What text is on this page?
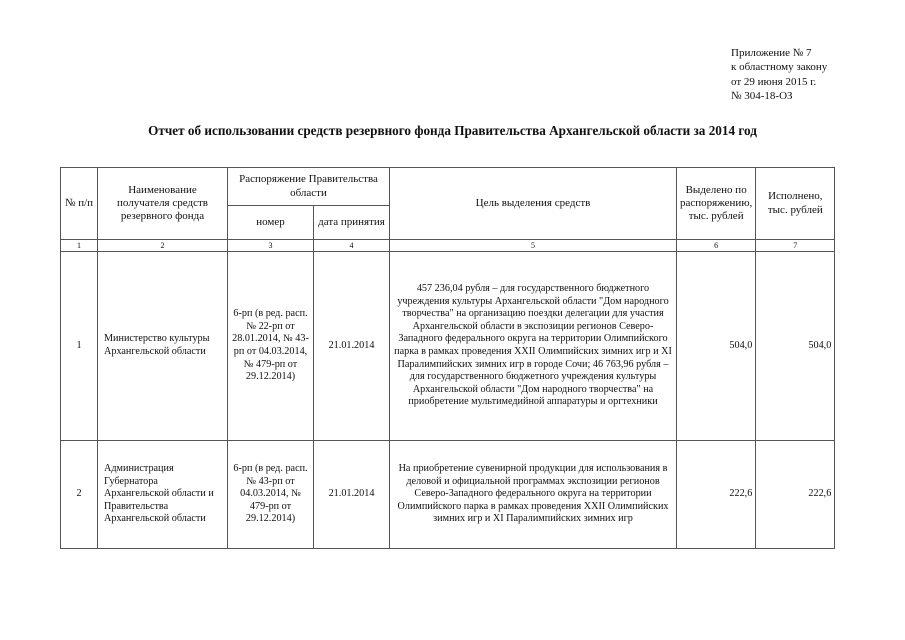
Приложение № 7
к областному закону
от 29 июня 2015 г.
№ 304-18-ОЗ
Отчет об использовании средств резервного фонда Правительства Архангельской области за 2014 год
№ п/п	Наименование получателя средств резервного фонда	Распоряжение Правительства области		Цель выделения средств	Выделено по распоряжению, тыс. рублей	Исполнено, тыс. рублей
		номер	дата принятия			
1	2	3	4	5	6	7
1	Министерство культуры Архангельской области	6-рп (в ред. расп. № 22-рп от 28.01.2014, № 43-рп от 04.03.2014, № 479-рп от 29.12.2014)	21.01.2014	457 236,04 рубля – для государственного бюджетного учреждения культуры Архангельской области "Дом народного творчества" на организацию поездки делегации для участия Архангельской области в экспозиции регионов Северо-Западного федерального округа на территории Олимпийского парка в рамках проведения XXII Олимпийских зимних игр и XI Паралимпийских зимних игр в городе Сочи; 46 763,96 рубля – для государственного бюджетного учреждения культуры Архангельской области "Дом народного творчества" на приобретение мультимедийной аппаратуры и оргтехники	504,0	504,0
2	Администрация Губернатора Архангельской области и Правительства Архангельской области	6-рп (в ред. расп. № 43-рп от 04.03.2014, № 479-рп от 29.12.2014)	21.01.2014	На приобретение сувенирной продукции для использования в деловой и официальной программах экспозиции регионов Северо-Западного федерального округа на территории Олимпийского парка в рамках проведения XXII Олимпийских зимних игр и XI Паралимпийских зимних игр	222,6	222,6
